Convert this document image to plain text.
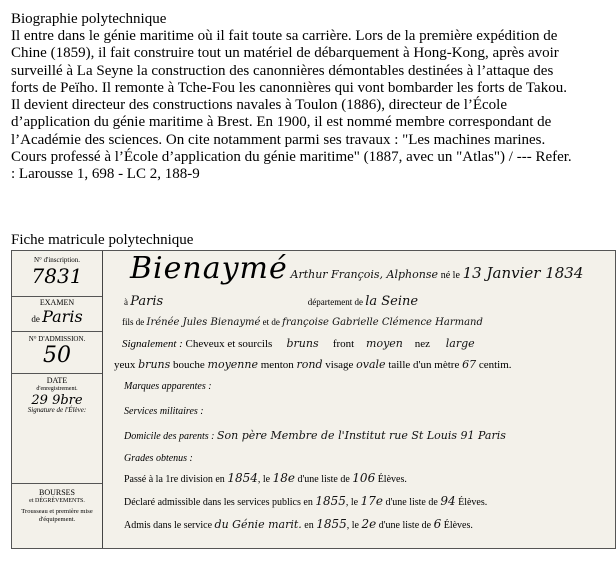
Biographie polytechnique
Il entre dans le génie maritime où il fait toute sa carrière. Lors de la première expédition de
Chine (1859), il fait construire tout un matériel de débarquement à Hong-Kong, après avoir
surveillé à La Seyne la construction des canonnières démontables destinées à l’attaque des
forts de Peïho. Il remonte à Tche-Fou les canonnières qui vont bombarder les forts de Takou.
Il devient directeur des constructions navales à Toulon (1886), directeur de l’École
d’application du génie maritime à Brest. En 1900, il est nommé membre correspondant de
l’Académie des sciences. On cite notamment parmi ses travaux : "Les machines marines.
Cours professé à l’École d’application du génie maritime" (1887, avec un "Atlas") / --- Refer.
: Larousse 1, 698 - LC 2, 188-9
Fiche matricule polytechnique
N° d'inscription.
7831
EXAMEN
de Paris
N° D'ADMISSION.
50
DATE
d'enregistrement.
29 9bre
Signature de l'Élève:
BOURSES
et DÉGRÈVEMENTS.
Trousseau et première mise d'équipement.
Bienaymé Arthur François, Alphonse né le 13 Janvier 1834
à Paris	département de la Seine
fils de Irénée Jules Bienaymé et de françoise Gabrielle Clémence Harmand
Signalement : Cheveux et sourcils bruns front moyen nez large
yeux bruns bouche moyenne menton rond visage ovale taille d'un mètre 67 centim.
Marques apparentes :
Services militaires :
Domicile des parents : Son père Membre de l'Institut rue St Louis 91 Paris
Grades obtenus :
Passé à la 1re division en 1854, le 18e d'une liste de 106 Élèves.
Déclaré admissible dans les services publics en 1855, le 17e d'une liste de 94 Élèves.
Admis dans le service du Génie marit. en 1855, le 2e d'une liste de 6 Élèves.
